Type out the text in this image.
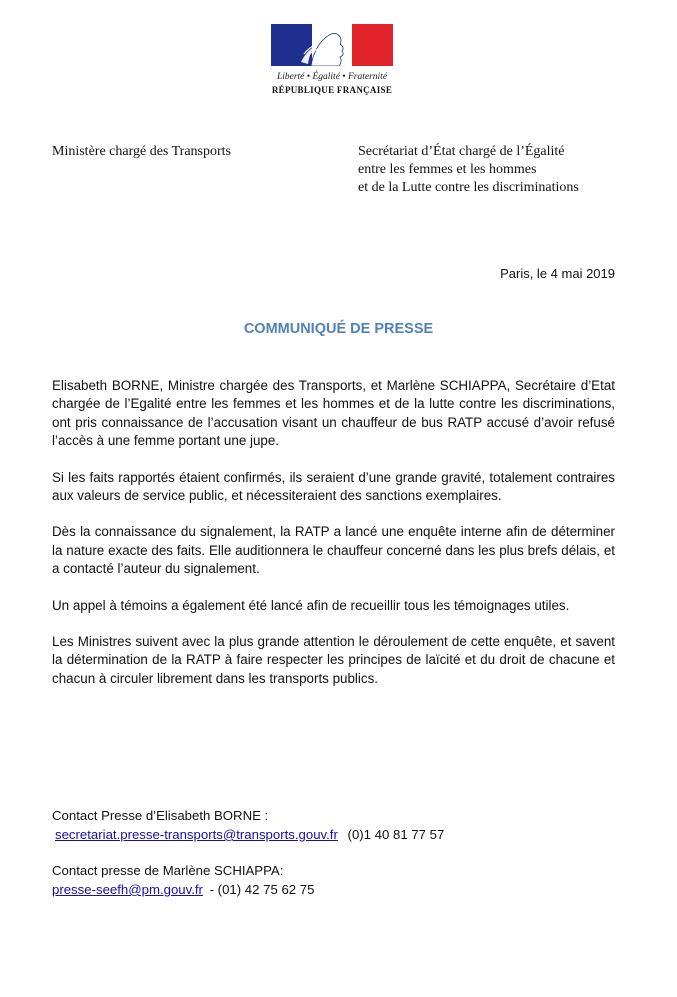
Liberté • Égalité • Fraternité
RÉPUBLIQUE FRANÇAISE
Ministère chargé des Transports	Secrétariat d’État chargé de l’Égalité
entre les femmes et les hommes
et de la Lutte contre les discriminations
Paris, le 4 mai 2019
COMMUNIQUÉ DE PRESSE

Elisabeth BORNE, Ministre chargée des Transports, et Marlène SCHIAPPA, Secrétaire d’Etat chargée de l’Egalité entre les femmes et les hommes et de la lutte contre les discriminations, ont pris connaissance de l’accusation visant un chauffeur de bus RATP accusé d’avoir refusé l’accès à une femme portant une jupe.

Si les faits rapportés étaient confirmés, ils seraient d’une grande gravité, totalement contraires aux valeurs de service public, et nécessiteraient des sanctions exemplaires.

Dès la connaissance du signalement, la RATP a lancé une enquête interne afin de déterminer la nature exacte des faits. Elle auditionnera le chauffeur concerné dans les plus brefs délais, et a contacté l’auteur du signalement.

Un appel à témoins a également été lancé afin de recueillir tous les témoignages utiles.

Les Ministres suivent avec la plus grande attention le déroulement de cette enquête, et savent la détermination de la RATP à faire respecter les principes de laïcité et du droit de chacune et chacun à circuler librement dans les transports publics.

Contact Presse d’Elisabeth BORNE :
secretariat.presse-transports@transports.gouv.fr (0)1 40 81 77 57
Contact presse de Marlène SCHIAPPA:
presse-seefh@pm.gouv.fr - (01) 42 75 62 75
